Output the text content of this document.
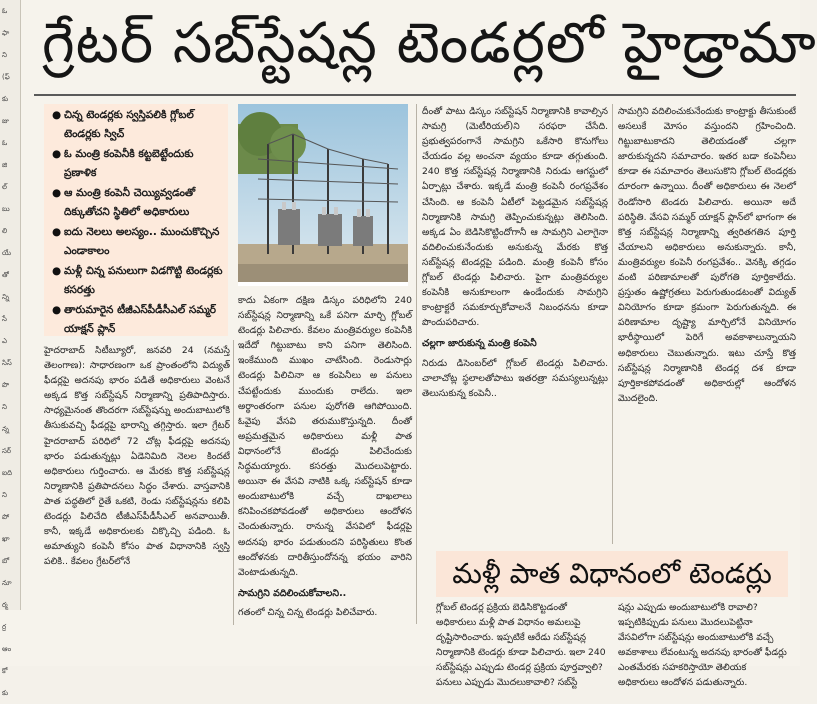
ఓ
ఫా
ని
(ఫ్
కు
జు
ఓ
జి
ల్
బు
లి
యే
తో
న్ని
సే
ఎ
సిస్
పొ
ని
న్న
సర్
ఐది
ని
పో
ఖా
బో
నూ
ర్మ
ర్ర
ఆం
కో
కు
గ్రేటర్ సబ్‌స్టేషన్ల టెండర్లలో హైడ్రామా
● చిన్న టెండర్లకు స్వస్తిపలికి గ్లోబల్ టెండర్లకు స్విచ్
● ఓ మంత్రి కంపెనీకి కట్టబెట్టేందుకు ప్రణాళిక
● ఆ మంత్రి కంపెనీ చెయ్యివ్వడంతో దిక్కుతోచని స్థితిలో అధికారులు
● ఐదు నెలలు అలస్యం.. ముంచుకొచ్చిన ఎండాకాలం
● మళ్లీ చిన్న పనులుగా విడగొట్టి టెండర్లకు కసరత్తు
● తారుమారైన టీజీఎస్‌పీడీసీఎల్ సమ్మర్ యాక్షన్ ప్లాన్

హైదరాబాద్ సిటీబ్యూరో, జనవరి 24 (నమస్తే తెలంగాణ): సాధారణంగా ఒక ప్రాంతంలోని విద్యుత్ ఫీడర్లపై అదనపు భారం పడితే అధికారులు వెంటనే అక్కడ కొత్త సబ్‌స్టేషన్ నిర్మాణాన్ని ప్రతిపాదిస్తారు. సాధ్యమైనంత తొందరగా సబ్‌స్టేషన్ను అందుబాటులోకి తీసుకువచ్చి ఫీడర్లపై భారాన్ని తగ్గిస్తారు. ఇలా గ్రేటర్ హైదరాబాద్ పరిధిలో 72 చోట్ల ఫీడర్లపై అదనపు భారం పడుతున్నట్లు ఏడెనిమిది నెలల కిందటే అధికారులు గుర్తించారు. ఆ మేరకు కొత్త సబ్‌స్టేషన్ల నిర్మాణానికి ప్రతిపాదనలు సిద్ధం చేశారు. వాస్తవానికి పాత పద్ధతిలో రైతే ఒకటి, రెండు సబ్‌స్టేషన్లను కలిపి టెండర్లు పిలిచేది టీజీఎస్‌పీడీసీఎల్ అనవాయితీ. కానీ, ఇక్కడే అధికారులకు చిక్కొచ్చి పడింది. ఓ అమాత్యుని కంపెనీ కోసం పాత విధానానికి స్వస్తి పలికి.. కేవలం గ్రేటర్‌లోనే

కాదు ఏకంగా దక్షిణ డిస్కం పరిధిలోని 240 సబ్‌స్టేషన్ల నిర్మాణాన్ని ఒకే పనిగా మార్చి గ్లోబల్ టెండర్లు పిలిచారు. కేవలం మంత్రివర్యుల కంపెనీకి ఇదేదో గిట్టుబాటు కాని పనిగా తెలిసింది. ఇంకేముంది ముఖం చాటేసింది. రెండుసార్లు టెండర్లు పిలిచినా ఆ కంపెనీలు అ పనులు చేపట్టేందుకు ముందుకు రాలేదు. ఇలా అర్థాంతరంగా పనుల పురోగతి ఆగిపోయింది. ఓవైపు వేసవి తరుముకొస్తున్నది. దీంతో అప్రమత్తమైన అధికారులు మళ్లీ పాత విధానంలోనే టెండర్లు పిలిచేందుకు సిద్ధమయ్యారు. కసరత్తు మొదలుపెట్టారు. అయినా ఈ వేసవి నాటికి ఒక్క సబ్‌స్టేషన్ కూడా అందుబాటులోకి వచ్చే దాఖలాలు కనిపించకపోవడంతో అధికారులు ఆందోళన చెందుతున్నారు. రానున్న వేసవిలో ఫీడర్లపై అదనపు భారం పడుతుందని పరిస్థితులు కొంత ఆందోళనకు దారితీస్తుందోనన్న భయం వారిని వెంటాడుతున్నది.

సామగ్రిని వదిలించుకోవాలని..

గతంలో చిన్న చిన్న టెండర్లు పిలిచేవారు.

దీంతో పాటు డిస్కం సబ్‌స్టేషన్ నిర్మాణానికి కావాల్సిన సామగ్రి (మెటీరియల్)ని సరఫరా చేసేది. ప్రభుత్వపరంగానే సామగ్రిని ఒకేసారి కొనుగోలు చేయడం వల్ల అంచనా వ్యయం కూడా తగ్గుతుంది. 240 కొత్త సబ్‌స్టేషన్ల నిర్మాణానికి నిరుడు ఆగస్టులో ఏర్పాట్లు చేశారు. ఇక్కడే మంత్రి కంపెనీ రంగప్రవేశం చేసింది. ఆ కంపెనీ ఏటీలో పెట్టడమైన సబ్‌స్టేషన్ల నిర్మాణానికి సామగ్రి తెప్పించుకున్నట్లు తెలిసింది. అక్కడ ఏం బెడిసికొట్టిందోగానీ ఆ సామగ్రిని ఎలాగైనా వదిలించుకునేందుకు అనుకున్న మేరకు కొత్త సబ్‌స్టేషన్ల టెండర్లపై పడింది. మంత్రి కంపెనీ కోసం గ్లోబల్ టెండర్లు పిలిచారు. పైగా మంత్రివర్యుల కంపెనీకి అనుకూలంగా ఉండేందుకు సామగ్రిని కాంట్రాక్టరే సమకూర్చుకోవాలనే నిబంధనను కూడా పొందుపరిచారు.

చల్లగా జారుకున్న మంత్రి కంపెనీ

నిరుడు డిసెంబర్‌లో గ్లోబల్ టెండర్లు పిలిచారు. చాలాచోట్ల స్థలాలతోపాటు ఇతరత్రా సమస్యలున్నట్లు తెలుసుకున్న కంపెనీ..

సామగ్రిని వదిలించుకునేందుకు కాంట్రాక్టు తీసుకుంటే అసలుకే మోసం వస్తుందని గ్రహించింది. గిట్టుబాటుకాదని తెలియడంతో చల్లగా జారుకున్నదని సమాచారం. ఇతర బడా కంపెనీలు కూడా ఈ సమాచారం తెలుసుకొని గ్లోబల్ టెండర్లకు దూరంగా ఉన్నాయి. దీంతో అధికారులు ఈ నెలలో రెండోసారి టెండరు పిలిచారు. అయినా అదే పరిస్థితి. వేసవి సమ్మర్ యాక్షన్ ప్లాన్‌లో భాగంగా ఈ కొత్త సబ్‌స్టేషన్ల నిర్మాణాన్ని త్వరితగతిన పూర్తి చేయాలని అధికారులు అనుకున్నారు. కానీ, మంత్రివర్యుల కంపెనీ రంగప్రవేశం.. వెనక్కి తగ్గడం వంటి పరిణామాలతో పురోగతి పూర్తికాలేదు. ప్రస్తుతం ఉష్ణోగ్రతలు పెరుగుతుండటంతో విద్యుత్ వినియోగం కూడా క్రమంగా పెరుగుతున్నది. ఈ పరిణామాల దృష్ట్యా మార్చిలోనే వినియోగం భారీస్థాయిలో పెరిగే అవకాశాలున్నాయని అధికారులు చెబుతున్నారు. ఇటు చూస్తే కొత్త సబ్‌స్టేషన్ల నిర్మాణానికి టెండర్ల దశ కూడా పూర్తికాకపోవడంతో అధికారుల్లో ఆందోళన మొదలైంది.

మళ్లీ పాత విధానంలో టెండర్లు
గ్లోబల్ టెండర్ల ప్రక్రియ బెడిసికొట్టడంతో అధికారులు మళ్లీ పాత విధానం అమలుపై దృష్టిసారించారు. ఇప్పటికే ఆరేడు సబ్‌స్టేషన్ల నిర్మాణానికి టెండర్లు కూడా పిలిచారు. ఇలా 240 సబ్‌స్టేషన్లు ఎప్పుడు టెండర్ల ప్రక్రియ పూర్తవ్వాలి? పనులు ఎప్పుడు మొదలుకావాలి? సబ్‌స్టే
షన్లు ఎప్పుడు అందుబాటులోకి రావాలి? ఇప్పటికిప్పుడు పనులు మొదలుపెట్టినా వేసవిలోగా సబ్‌స్టేషన్లు అందుబాటులోకి వచ్చే అవకాశాలు లేవంటున్న అదనపు భారంతో ఫీడర్లు ఎంతమేరకు సహకరిస్తాయో తెలియక అధికారులు ఆందోళన పడుతున్నారు.
